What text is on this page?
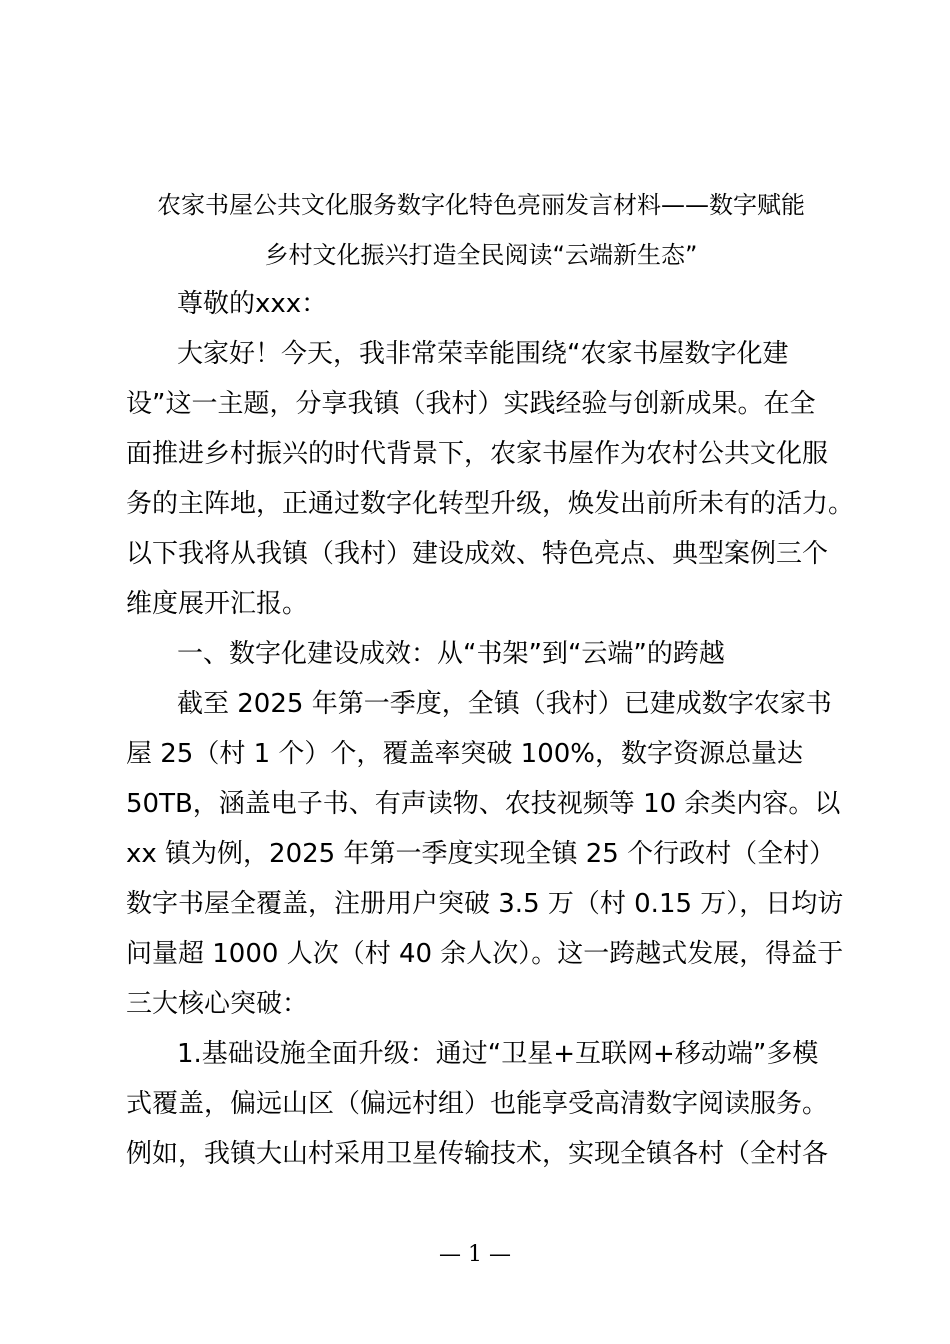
农家书屋公共文化服务数字化特色亮丽发言材料——数字赋能
乡村文化振兴打造全民阅读“云端新生态”
尊敬的xxx：
大家好！今天，我非常荣幸能围绕“农家书屋数字化建
设”这一主题，分享我镇（我村）实践经验与创新成果。在全
面推进乡村振兴的时代背景下，农家书屋作为农村公共文化服
务的主阵地，正通过数字化转型升级，焕发出前所未有的活力。
以下我将从我镇（我村）建设成效、特色亮点、典型案例三个
维度展开汇报。
一、数字化建设成效：从“书架”到“云端”的跨越
截至 2025 年第一季度，全镇（我村）已建成数字农家书
屋 25（村 1 个）个，覆盖率突破 100%，数字资源总量达
50TB，涵盖电子书、有声读物、农技视频等 10 余类内容。以
xx 镇为例，2025 年第一季度实现全镇 25 个行政村（全村）
数字书屋全覆盖，注册用户突破 3.5 万（村 0.15 万），日均访
问量超 1000 人次（村 40 余人次）。这一跨越式发展，得益于
三大核心突破：
1.基础设施全面升级：通过“卫星+互联网+移动端”多模
式覆盖，偏远山区（偏远村组）也能享受高清数字阅读服务。
例如，我镇大山村采用卫星传输技术，实现全镇各村（全村各
— 1 —
